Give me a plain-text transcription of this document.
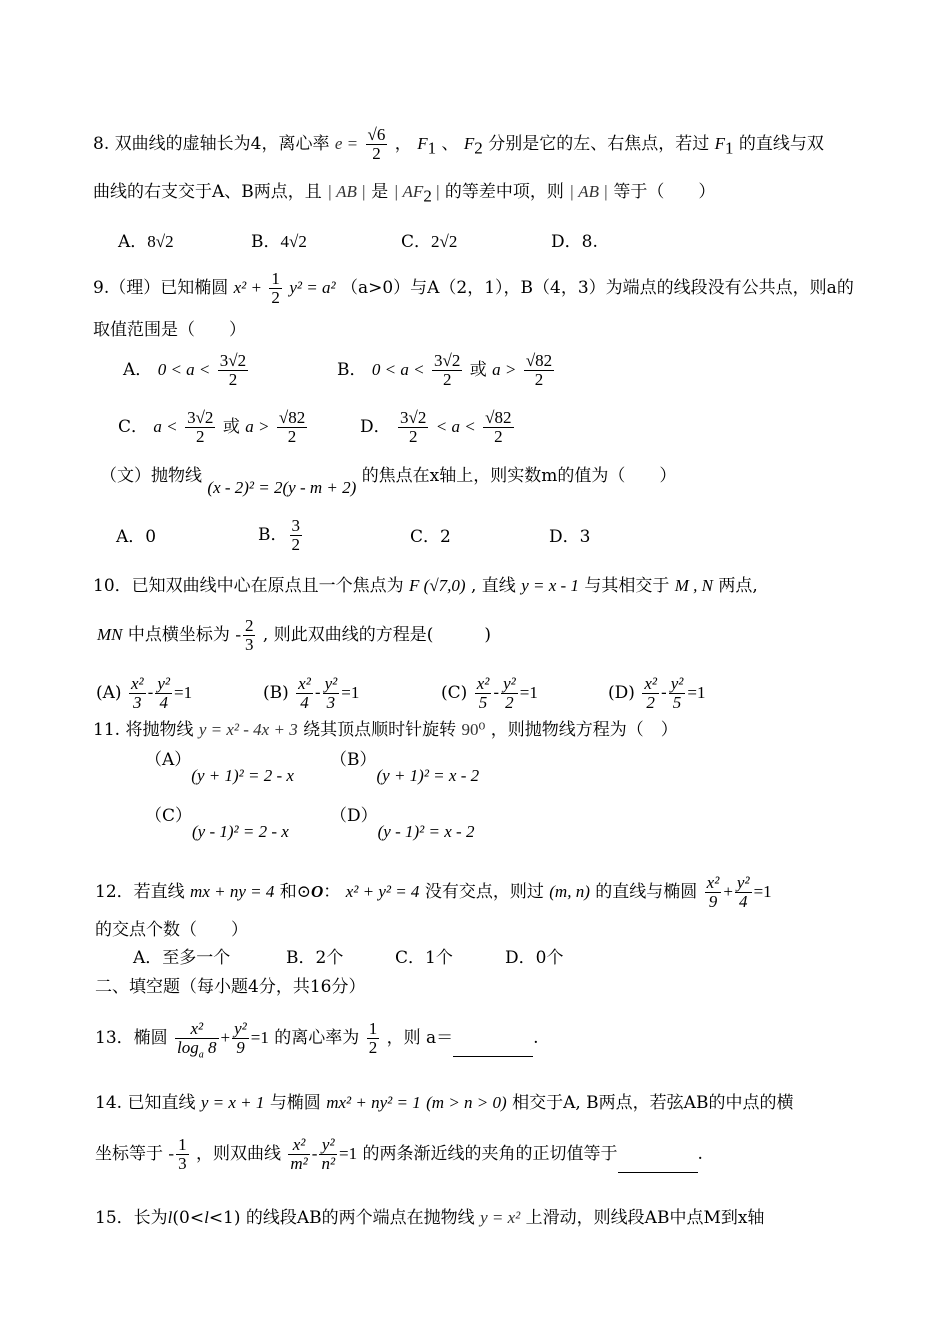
8. 双曲线的虚轴长为4，离心率 $e = \frac{√6}{2}$ ， $F_1$ 、 $F_2$ 分别是它的左、右焦点，若过 $F_1$ 的直线与双
曲线的右支交于A、B两点，且 | AB | 是 | $AF_2$ | 的等差中项，则 | AB | 等于（　　）
A．8√2	B．4√2	C．2√2	D．8.
9.（理）已知椭圆 $x^2 + \frac{1}{2} y^2 = a^2$ （a>0）与A（2，1），B（4，3）为端点的线段没有公共点，则a的
取值范围是（　　）
A． $0 < a < \frac{3√2}{2}$	B． $0 < a < \frac{3√2}{2}$ 或 $a > \frac{√82}{2}$
C． $a < \frac{3√2}{2}$ 或 $a > \frac{√82}{2}$	D． $\frac{3√2}{2} < a < \frac{√82}{2}$
（文）抛物线 (x - 2)² = 2(y - m + 2) 的焦点在x轴上，则实数m的值为（　　）
A．0	B． $\frac{3}{2}$	C．2	D．3
10．已知双曲线中心在原点且一个焦点为 F (√7,0) , 直线 y = x - 1 与其相交于 M , N 两点,
MN 中点横坐标为 - $\frac{2}{3}$ , 则此双曲线的方程是(　　　)
$(A) \frac{\text{x²}}{3} - \frac{\text{y²}}{4} =1$	$(B) \frac{\text{x²}}{4} - \frac{\text{y²}}{3} =1$	$(C) \frac{\text{x²}}{5} - \frac{\text{y²}}{2} =1$	$(D) \frac{\text{x²}}{2} - \frac{\text{y²}}{5} =1$
11. 将抛物线 y = x² - 4x + 3 绕其顶点顺时针旋转 90⁰ ，则抛物线方程为（　）
（A）(y + 1)² = 2 - x
（B）(y + 1)² = x - 2
（C）(y - 1)² = 2 - x
（D）(y - 1)² = x - 2
12．若直线 mx + ny = 4 和⊙O： x² + y² = 4 没有交点，则过 (m, n) 的直线与椭圆 $\frac{\text{x²}}{9} + \frac{\text{y²}}{4} =1$
的交点个数（　　）
A．至多一个	B．2个	C．1个	D．0个
二、填空题（每小题4分，共16分）
13．椭圆 $\frac{\text{x²}}{\log_a 8} + \frac{\text{y²}}{9} =1$ 的离心率为 $\frac{1}{2}$ ，则 a＝	.
14. 已知直线 y = x + 1 与椭圆 mx² + ny² = 1 (m > n > 0) 相交于A, B两点，若弦AB的中点的横
坐标等于 - $\frac{1}{3}$ ，则双曲线 $\frac{\text{x²}}{\text{m²}} - \frac{\text{y²}}{\text{n²}} =1$ 的两条渐近线的夹角的正切值等于	.
15．长为l(0<l<1) 的线段AB的两个端点在抛物线 y = x² 上滑动，则线段AB中点M到x轴
